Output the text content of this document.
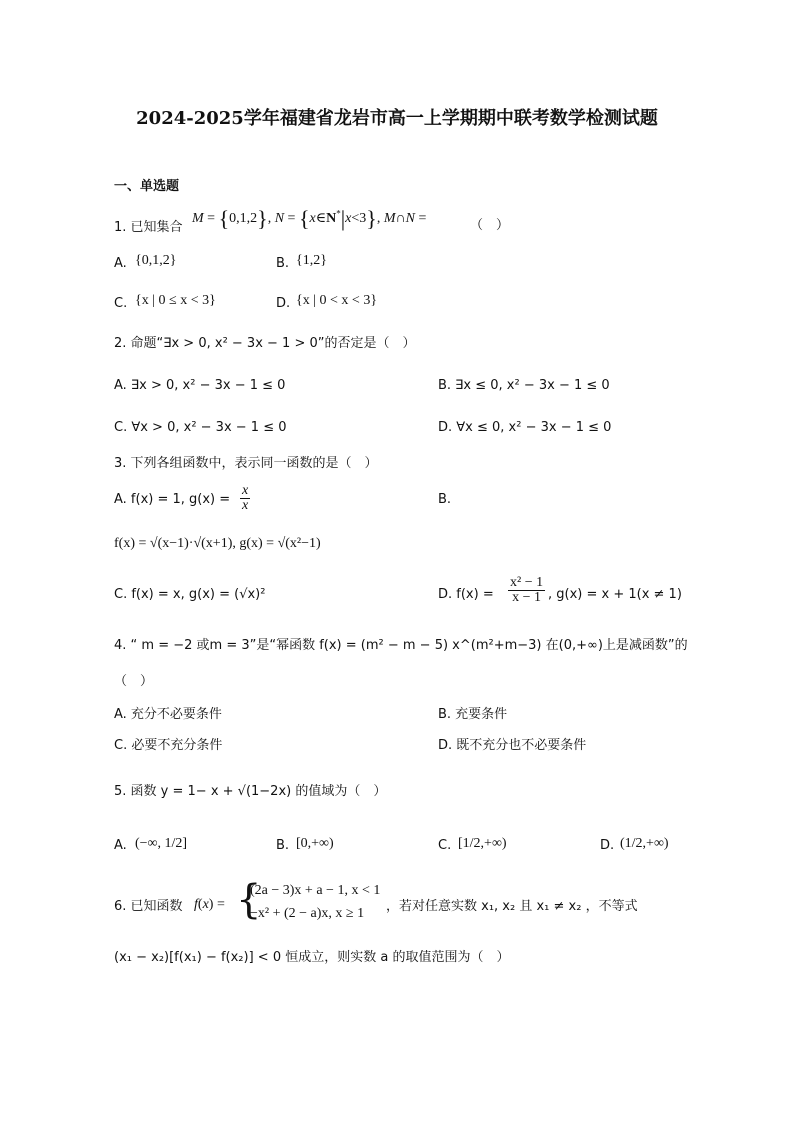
2024-2025学年福建省龙岩市高一上学期期中联考数学检测试题
一、单选题
1. 已知集合
M = {0,1,2}, N = {x∈N*|x<3}, M∩N =	（　）
A. {0,1,2}	B. {1,2}
C. {x | 0 ≤ x < 3}	D. {x | 0 < x < 3}
2. 命题“∃x > 0, x² − 3x − 1 > 0”的否定是（　）
A. ∃x > 0, x² − 3x − 1 ≤ 0	B. ∃x ≤ 0, x² − 3x − 1 ≤ 0
C. ∀x > 0, x² − 3x − 1 ≤ 0	D. ∀x ≤ 0, x² − 3x − 1 ≤ 0
3. 下列各组函数中，表示同一函数的是（　）
A. f(x) = 1, $g(x) = \frac{x}{x}$	B.
f(x) = √(x−1)·√(x+1), g(x) = √(x²−1)
C. f(x) = x, g(x) = (√x)²	D. $f(x) = \frac{\text{x² − 1}}{x - 1}$ , g(x) = x + 1(x ≠ 1)
4. “ m = −2 或m = 3”是“幂函数 f(x) = (m² − m − 5) x^(m²+m−3) 在(0,+∞)上是减函数”的
（　）
A. 充分不必要条件	B. 充要条件
C. 必要不充分条件	D. 既不充分也不必要条件
5. 函数 y = 1− x + √(1−2x) 的值域为（　）
A. (−∞, 1/2]	B. [0,+∞)	C. [1/2,+∞)	D. (1/2,+∞)
6. 已知函数 f(x) = {
(2a − 3)x + a − 1, x < 1
−x² + (2 − a)x, x ≥ 1 ，若对任意实数 x₁, x₂ 且 x₁ ≠ x₂ ，不等式
(x₁ − x₂)[f(x₁) − f(x₂)] < 0 恒成立，则实数 a 的取值范围为（　）
